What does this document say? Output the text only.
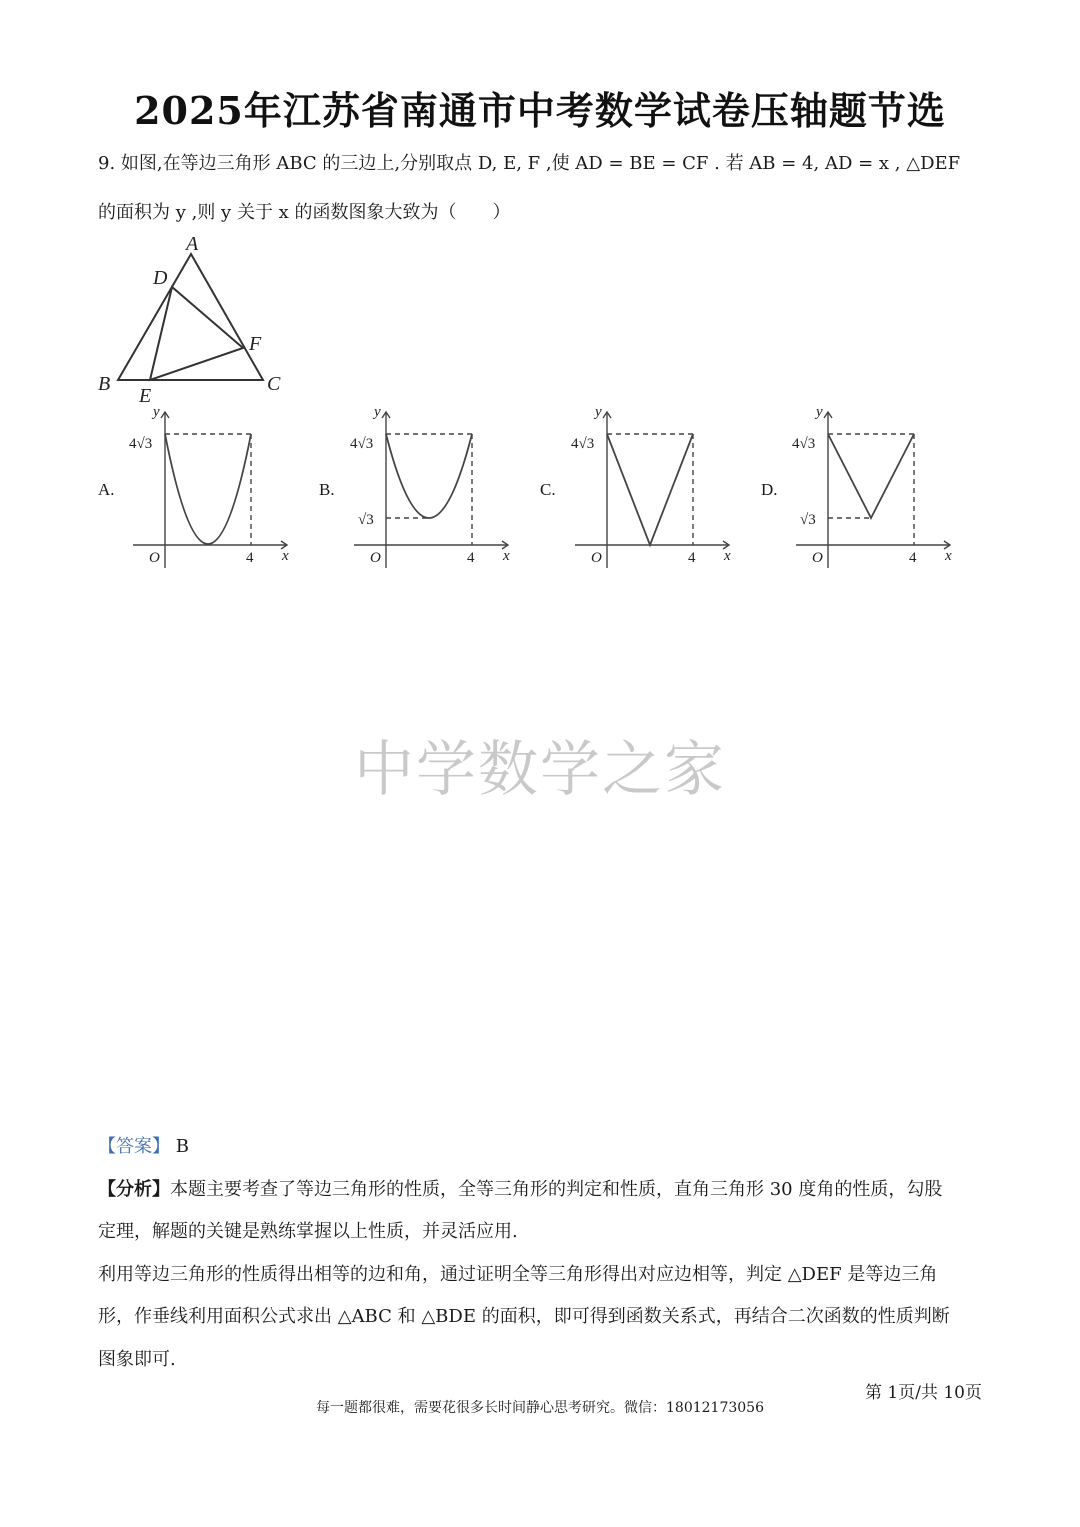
2025年江苏省南通市中考数学试卷压轴题节选
9. 如图,在等边三角形 ABC 的三边上,分别取点 D, E, F ,使 AD = BE = CF . 若 AB = 4, AD = x , △DEF
的面积为 y ,则 y 关于 x 的函数图象大致为（　　）
A
D
F
B
E
C
A.
4√3
4
O
y
x
B.
4√3
√3
4
O
y
x
C.
4√3
4
O
y
x
D.
4√3
√3
4
O
y
x
中学数学之家
【答案】 B
【分析】本题主要考查了等边三角形的性质，全等三角形的判定和性质，直角三角形 30 度角的性质，勾股
定理，解题的关键是熟练掌握以上性质，并灵活应用.
利用等边三角形的性质得出相等的边和角，通过证明全等三角形得出对应边相等，判定 △DEF 是等边三角
形，作垂线利用面积公式求出 △ABC 和 △BDE 的面积，即可得到函数关系式，再结合二次函数的性质判断
图象即可.
第 1页/共 10页
每一题都很难，需要花很多长时间静心思考研究。微信：18012173056
